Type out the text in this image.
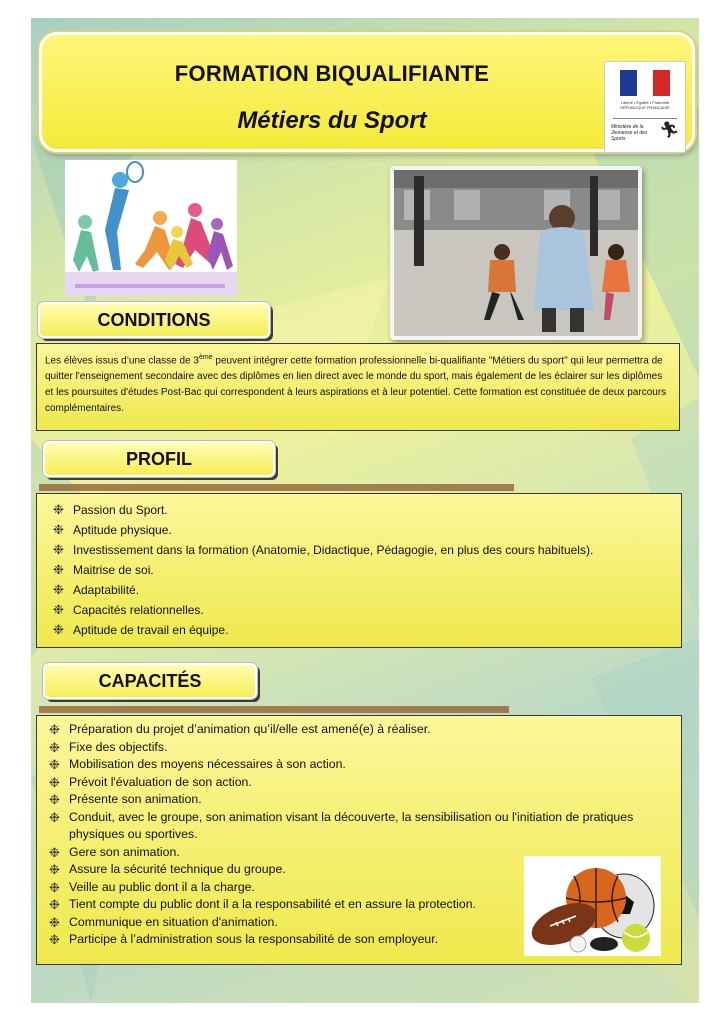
FORMATION BIQUALIFIANTE
Métiers du Sport
Liberté • Égalité • Fraternité RÉPUBLIQUE FRANÇAISE
Ministère de la Jeunesse et des Sports	🏃︎
CONDITIONS
Les élèves issus d’une classe de 3ème peuvent intégrer cette formation professionnelle bi-qualifiante "Métiers du sport" qui leur permettra de quitter l'enseignement secondaire avec des diplômes en lien direct avec le monde du sport, mais également de les éclairer sur les diplômes et les poursuites d'études Post-Bac qui correspondent à leurs aspirations et à leur potentiel. Cette formation est constituée de deux parcours complémentaires.
PROFIL
❉ Passion du Sport.
❉ Aptitude physique.
❉ Investissement dans la formation (Anatomie, Didactique, Pédagogie, en plus des cours habituels).
❉ Maitrise de soi.
❉ Adaptabilité.
❉ Capacités relationnelles.
❉ Aptitude de travail en équipe.
CAPACITÉS
❉ Préparation du projet d’animation qu’il/elle est amené(e) à réaliser.
❉ Fixe des objectifs.
❉ Mobilisation des moyens nécessaires à son action.
❉ Prévoit l'évaluation de son action.
❉ Présente son animation.
❉ Conduit, avec le groupe, son animation visant la découverte, la sensibilisation ou l'initiation de pratiques physiques ou sportives.
❉ Gere son animation.
❉ Assure la sécurité technique du groupe.
❉ Veille au public dont il a la charge.
❉ Tient compte du public dont il a la responsabilité et en assure la protection.
❉ Communique en situation d'animation.
❉ Participe à l’administration sous la responsabilité de son employeur.
